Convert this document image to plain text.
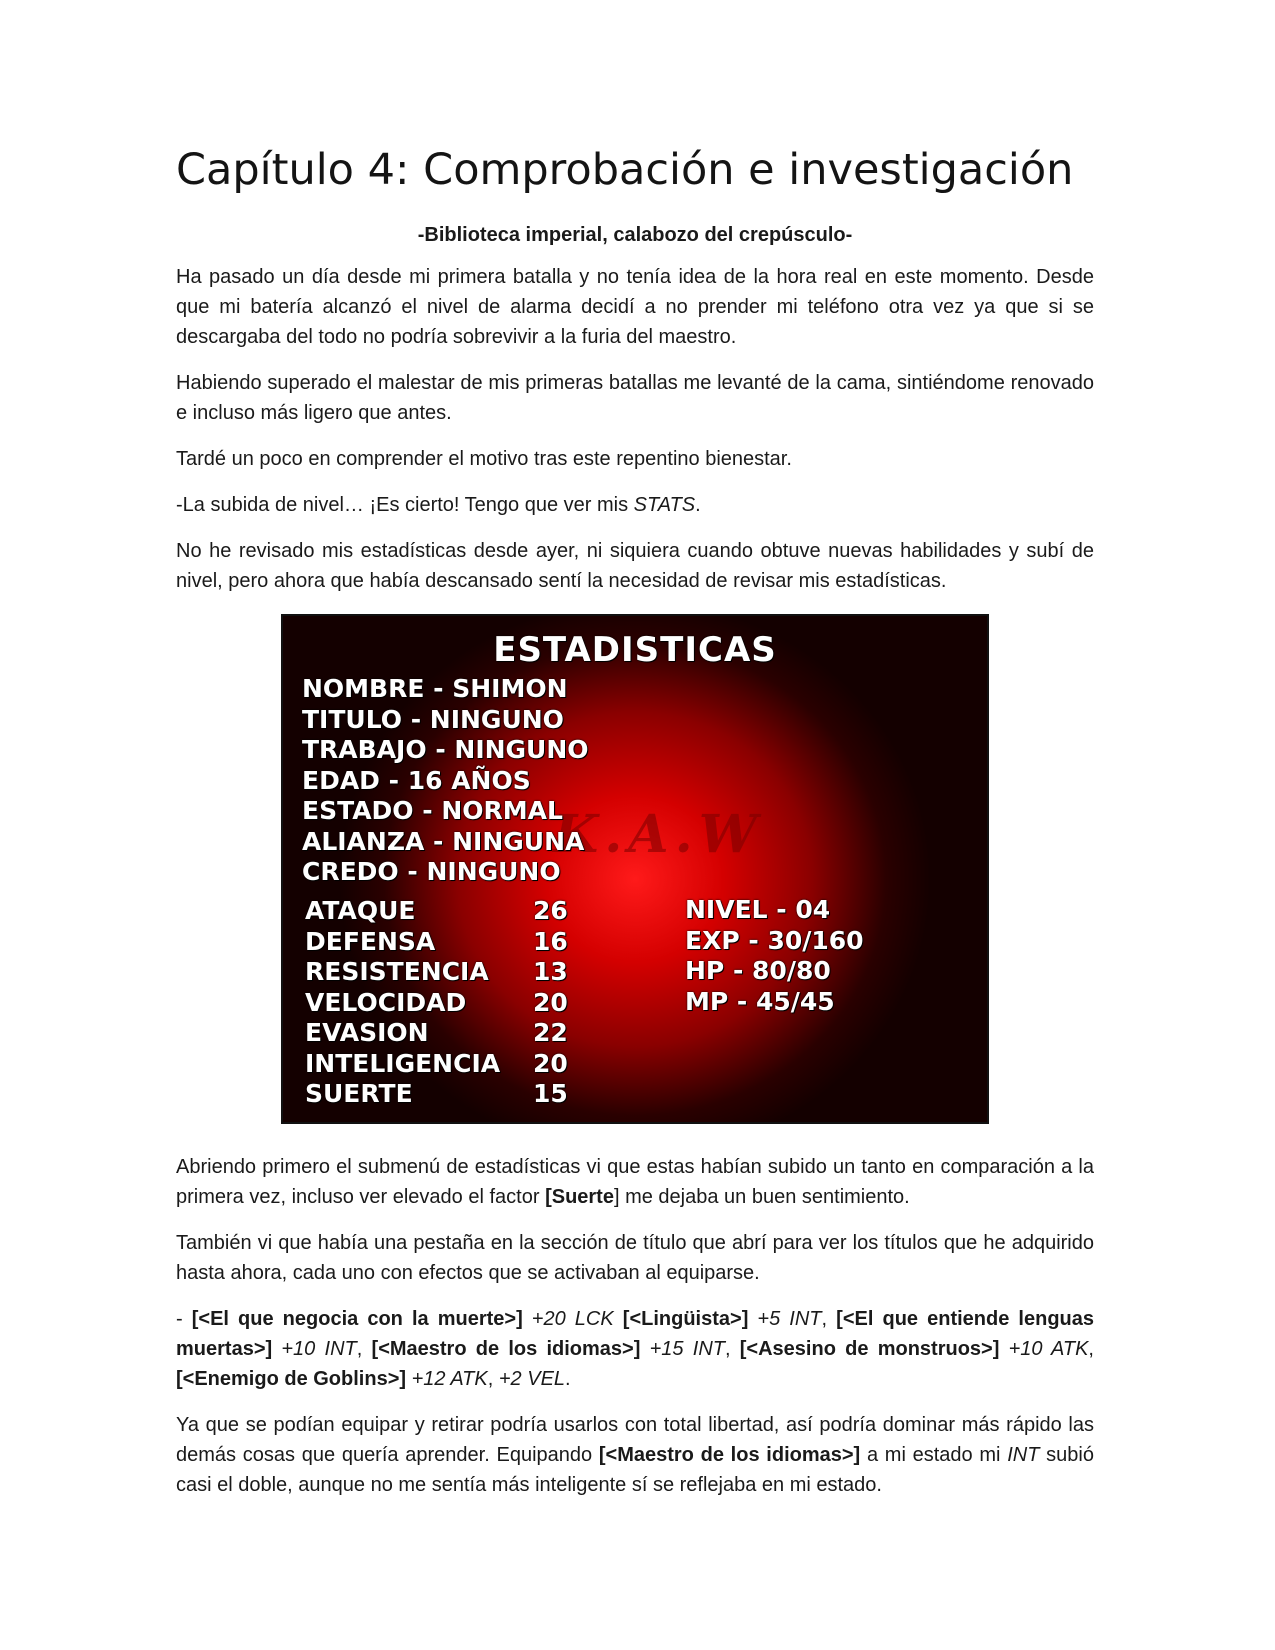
Capítulo 4: Comprobación e investigación
-Biblioteca imperial, calabozo del crepúsculo-

Ha pasado un día desde mi primera batalla y no tenía idea de la hora real en este momento. Desde que mi batería alcanzó el nivel de alarma decidí a no prender mi teléfono otra vez ya que si se descargaba del todo no podría sobrevivir a la furia del maestro.

Habiendo superado el malestar de mis primeras batallas me levanté de la cama, sintiéndome renovado e incluso más ligero que antes.

Tardé un poco en comprender el motivo tras este repentino bienestar.

-La subida de nivel… ¡Es cierto! Tengo que ver mis STATS.

No he revisado mis estadísticas desde ayer, ni siquiera cuando obtuve nuevas habilidades y subí de nivel, pero ahora que había descansado sentí la necesidad de revisar mis estadísticas.

K.A.W
ESTADISTICAS
NOMBRE - SHIMON
TITULO - NINGUNO
TRABAJO - NINGUNO
EDAD - 16 AÑOS
ESTADO - NORMAL
ALIANZA - NINGUNA
CREDO - NINGUNO
ATAQUE	26
DEFENSA	16
RESISTENCIA 13
VELOCIDAD	20
EVASION	22
INTELIGENCIA 20
SUERTE	15
NIVEL - 04
EXP - 30/160
HP - 80/80
MP - 45/45

Abriendo primero el submenú de estadísticas vi que estas habían subido un tanto en comparación a la primera vez, incluso ver elevado el factor [Suerte] me dejaba un buen sentimiento.

También vi que había una pestaña en la sección de título que abrí para ver los títulos que he adquirido hasta ahora, cada uno con efectos que se activaban al equiparse.

- [<El que negocia con la muerte>] +20 LCK [<Lingüista>] +5 INT, [<El que entiende lenguas muertas>] +10 INT, [<Maestro de los idiomas>] +15 INT, [<Asesino de monstruos>] +10 ATK, [<Enemigo de Goblins>] +12 ATK, +2 VEL.

Ya que se podían equipar y retirar podría usarlos con total libertad, así podría dominar más rápido las demás cosas que quería aprender. Equipando [<Maestro de los idiomas>] a mi estado mi INT subió casi el doble, aunque no me sentía más inteligente sí se reflejaba en mi estado.
